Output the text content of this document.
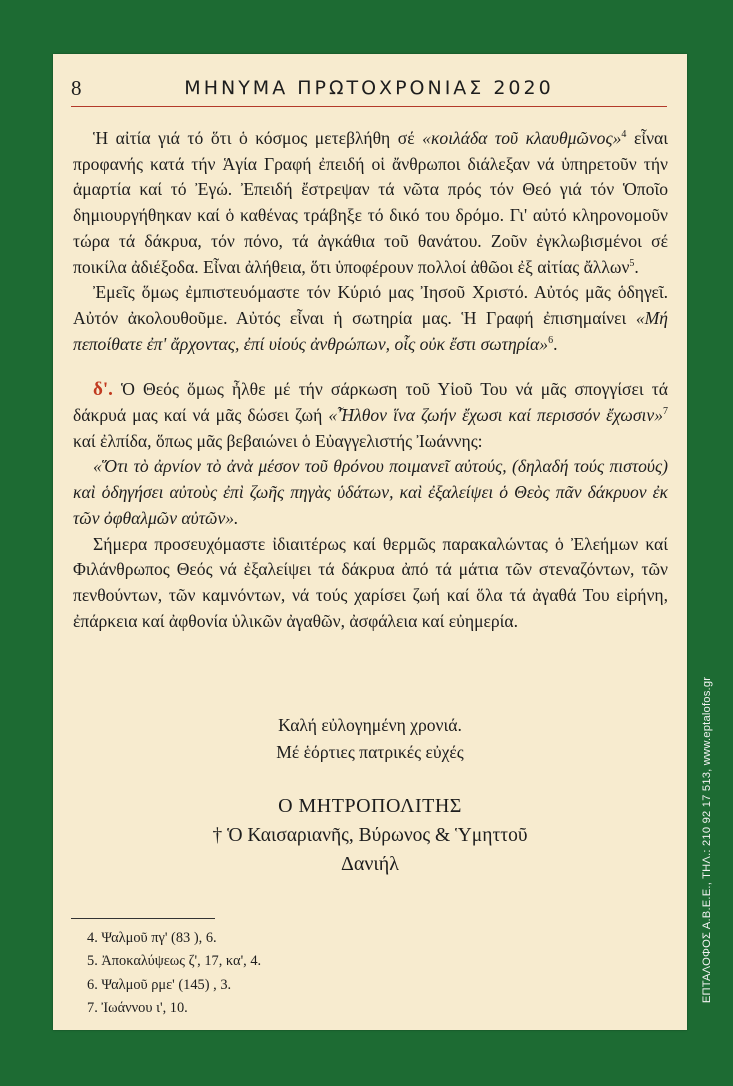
8	ΜΗΝΥΜΑ ΠΡΩΤΟΧΡΟΝΙΑΣ 2020

Ἡ αἰτία γιά τό ὅτι ὁ κόσμος μετεβλήθη σέ «κοιλάδα τοῦ κλαυθμῶνος»$^4$ εἶναι προφανής κατά τήν Ἁγία Γραφή ἐπειδή οἱ ἄνθρωποι διάλεξαν νά ὑπηρετοῦν τήν ἁμαρτία καί τό Ἐγώ. Ἐπειδή ἔστρεψαν τά νῶτα πρός τόν Θεό γιά τόν Ὁποῖο δημιουργήθηκαν καί ὁ καθένας τράβηξε τό δικό του δρόμο. Γι' αὐτό κληρονομοῦν τώρα τά δάκρυα, τόν πόνο, τά ἀγκάθια τοῦ θανάτου. Ζοῦν ἐγκλωβισμένοι σέ ποικίλα ἀδιέξοδα. Εἶναι ἀλήθεια, ὅτι ὑποφέρουν πολλοί ἀθῶοι ἐξ αἰτίας ἄλλων$^5$.

Ἐμεῖς ὅμως ἐμπιστευόμαστε τόν Κύριό μας Ἰησοῦ Χριστό. Αὐτός μᾶς ὁδηγεῖ. Αὐτόν ἀκολουθοῦμε. Αὐτός εἶναι ἡ σωτηρία μας. Ἡ Γραφή ἐπισημαίνει «Μή πεποίθατε ἐπ' ἄρχοντας, ἐπί υἱούς ἀνθρώπων, οἷς οὐκ ἔστι σωτηρία»$^6$.

δ'. Ὁ Θεός ὅμως ἦλθε μέ τήν σάρκωση τοῦ Υἱοῦ Του νά μᾶς σπογγίσει τά δάκρυά μας καί νά μᾶς δώσει ζωή «Ἦλθον ἵνα ζωήν ἔχωσι καί περισσόν ἔχωσιν»$^7$ καί ἐλπίδα, ὅπως μᾶς βεβαιώνει ὁ Εὐαγγελιστής Ἰωάννης:

«Ὅτι τὸ ἀρνίον τὸ ἀνὰ μέσον τοῦ θρόνου ποιμανεῖ αὐτούς, (δηλαδή τούς πιστούς) καὶ ὁδηγήσει αὐτοὺς ἐπὶ ζωῆς πηγὰς ὑδάτων, καὶ ἐξαλείψει ὁ Θεὸς πᾶν δάκρυον ἐκ τῶν ὀφθαλμῶν αὐτῶν».

Σήμερα προσευχόμαστε ἰδιαιτέρως καί θερμῶς παρακαλώντας ὁ Ἐλεήμων καί Φιλάνθρωπος Θεός νά ἐξαλείψει τά δάκρυα ἀπό τά μάτια τῶν στεναζόντων, τῶν πενθούντων, τῶν καμνόντων, νά τούς χαρίσει ζωή καί ὅλα τά ἀγαθά Του εἰρήνη, ἐπάρκεια καί ἀφθονία ὑλικῶν ἀγαθῶν, ἀσφάλεια καί εὐημερία.

Καλή εὐλογημένη χρονιά.
Μέ ἑόρτιες πατρικές εὐχές
Ο ΜΗΤΡΟΠΟΛΙΤΗΣ
† Ὁ Καισαριανῆς, Βύρωνος & Ὑμηττοῦ
Δανιήλ
4. Ψαλμοῦ πγ' (83 ), 6.
5. Ἀποκαλύψεως ζ', 17, κα', 4.
6. Ψαλμοῦ ρμε' (145) , 3.
7. Ἰωάννου ι', 10.
ΕΠΤΑΛΟΦΟΣ Α.Β.Ε.Ε., ΤΗΛ.: 210 92 17 513, www.eptalofos.gr
